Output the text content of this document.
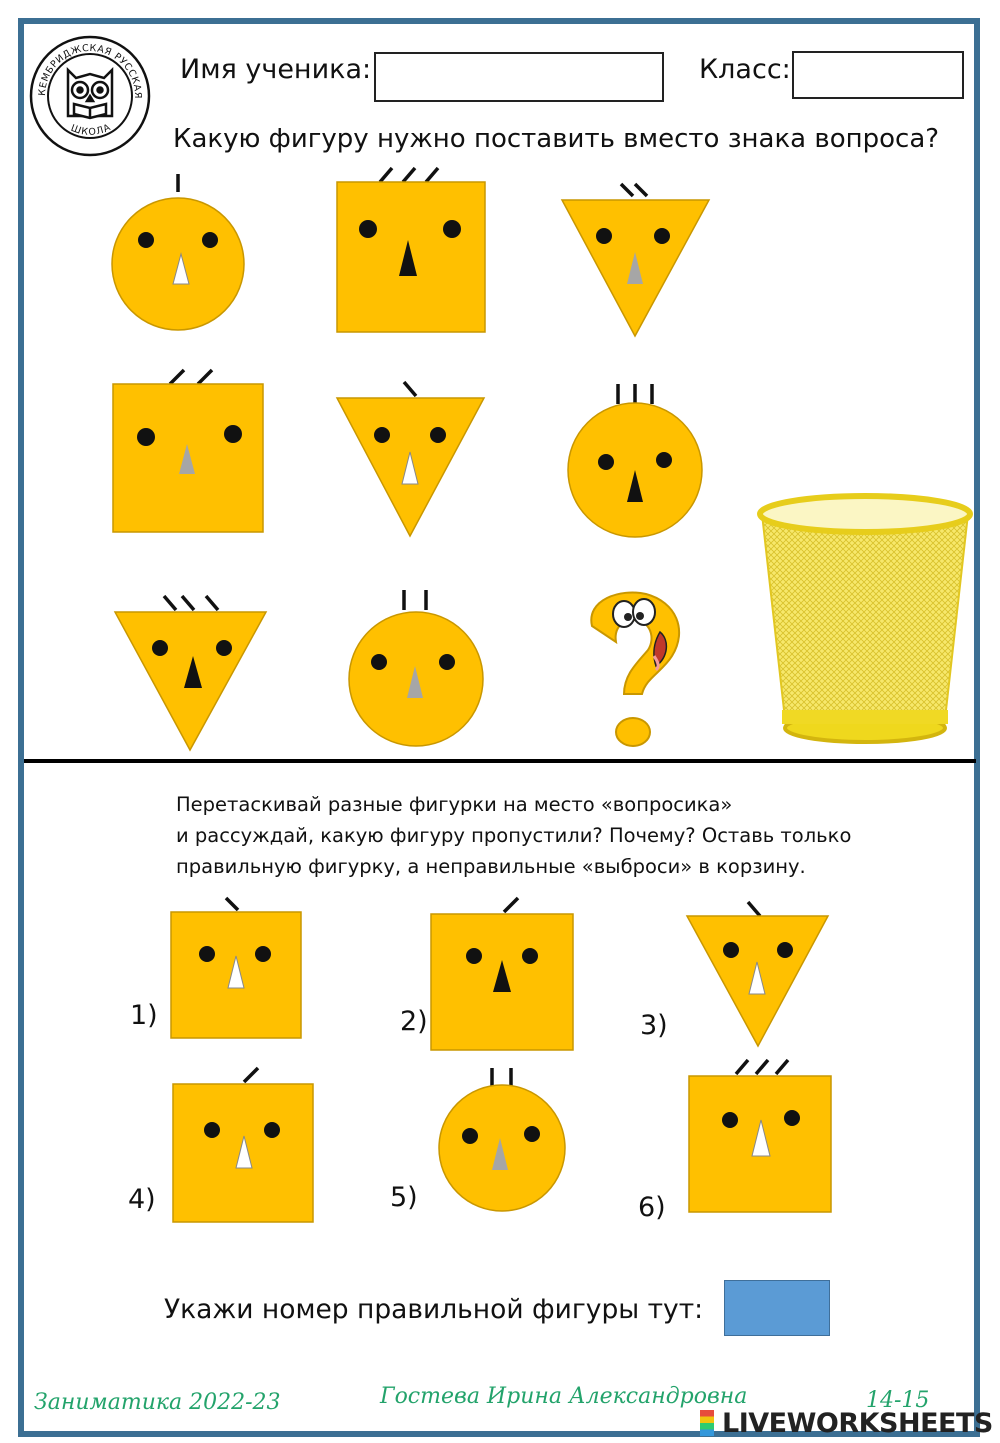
КЕМБРИДЖСКАЯ РУССКАЯ
ШКОЛА
Имя ученика:	Класс:
Какую фигуру нужно поставить вместо знака вопроса?
Перетаскивай разные фигурки на место «вопросика»
и рассуждай, какую фигуру пропустили? Почему? Оставь только
правильную фигурку, а неправильные «выброси» в корзину.
1)	2)	3)
4)	5)	6)
Укажи номер правильной фигуры тут:
Заниматика 2022-23	Гостева Ирина Александровна	14-15
LIVEWORKSHEETS
